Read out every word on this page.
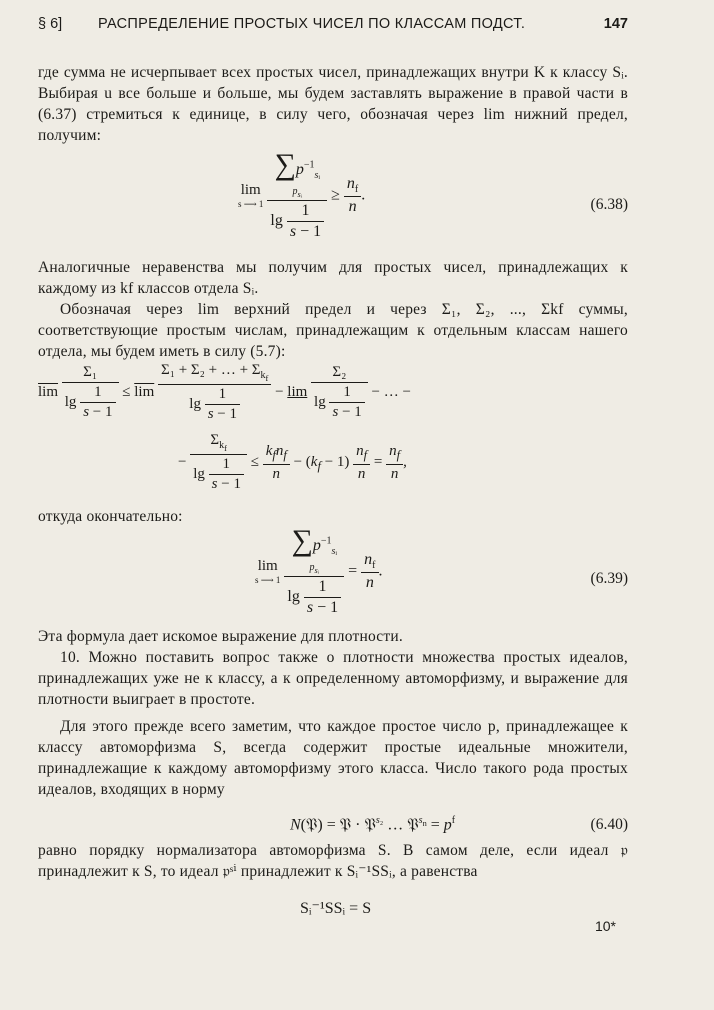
§ 6] РАСПРЕДЕЛЕНИЕ ПРОСТЫХ ЧИСЕЛ ПО КЛАССАМ ПОДСТ.	147

где сумма не исчерпывает всех простых чисел, принадлежащих внутри K к классу Sᵢ. Выбирая u все больше и больше, мы будем заставлять выражение в правой части в (6.37) стремиться к единице, в силу чего, обозначая через lim нижний предел, получим:

lim
s ⟶ 1

$\sum p^{-1}_{sᵢ}$
$p_{sᵢ}$
$\lg \frac{1}{s - 1}$
≥ $\frac{n_f}{n}$ .
(6.38)

Аналогичные неравенства мы получим для простых чисел, принадлежащих к каждому из kf классов отдела Sᵢ.

Обозначая через lim верхний предел и через Σ₁, Σ₂, ..., Σkf суммы, соответствующие простым числам, принадлежащим к отдельным классам нашего отдела, мы будем иметь в силу (5.7):

$\overline{lim} \frac{\text{Σ₁}}{\lg \frac{1}{s - 1}} \le \overline{lim} \frac{\Sigma_1 + \Sigma_2 + \dots + \Sigma_{k_f}}{\lg \frac{1}{s - 1}} - \lim \frac{\text{Σ₂}}{\lg \frac{1}{s - 1}}$ − … −
− $\frac{\Sigma_{k_f}}{\lg \frac{1}{s - 1}} \le \frac{k_fn_f}{n} - (k_f - 1) \frac{n_f}{n} = \frac{n_f}{n}$ ,

откуда окончательно:

lim
s ⟶ 1

$\sum p^{-1}_{sᵢ}$
$p_{sᵢ}$
$\lg \frac{1}{s - 1}$
= $\frac{n_f}{n}$ .	(6.39)

Эта формула дает искомое выражение для плотности.

10. Можно поставить вопрос также о плотности множества простых идеалов, принадлежащих уже не к классу, а к определенному автоморфизму, и выражение для плотности выиграет в простоте.

Для этого прежде всего заметим, что каждое простое число p, принадлежащее к классу автоморфизма S, всегда содержит простые идеальные множители, принадлежащие к каждому автоморфизму этого класса. Число такого рода простых идеалов, входящих в норму

N(𝔓) = 𝔓 · 𝔓$^{s_2}$ … 𝔓$^{s_n}$ = $p^f$	(6.40)

равно порядку нормализатора автоморфизма S. В самом деле, если идеал 𝔭 принадлежит к S, то идеал 𝔭ˢⁱ принадлежит к Sᵢ⁻¹SSᵢ, а равенства

Sᵢ⁻¹SSᵢ = S
10*
